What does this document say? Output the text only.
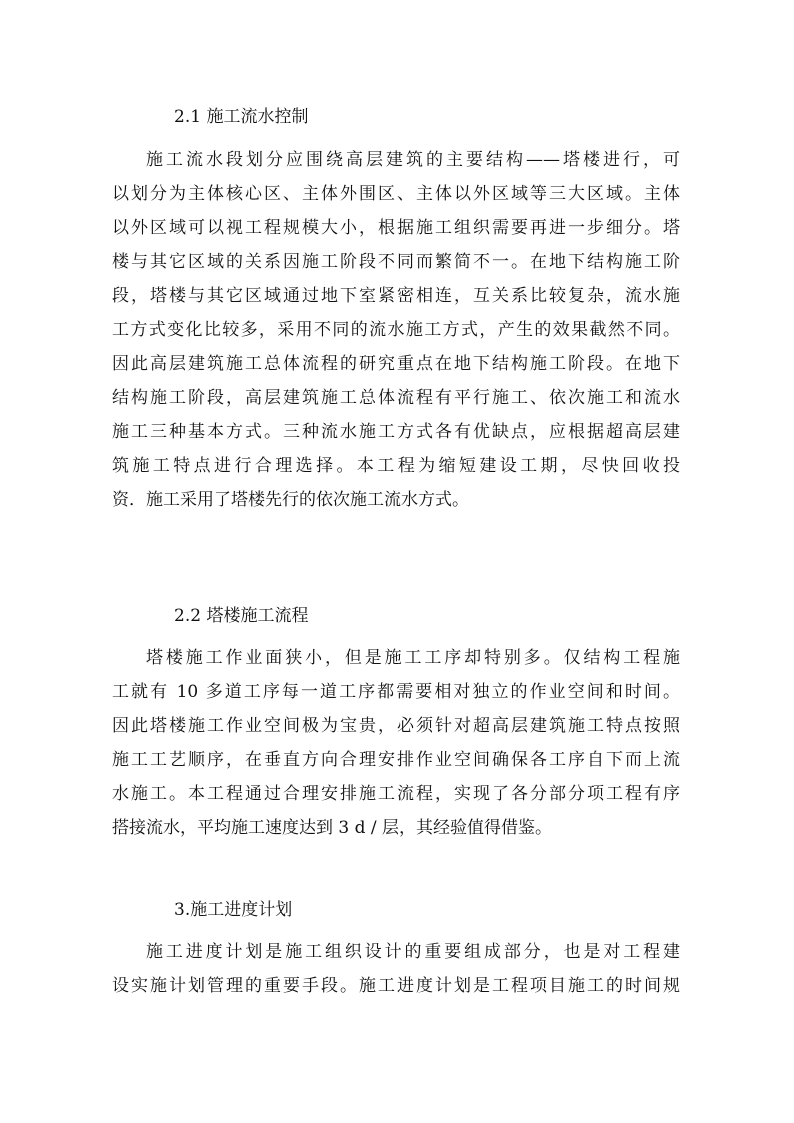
2.1 施工流水控制
施工流水段划分应围绕高层建筑的主要结构——塔楼进行，可
以划分为主体核心区、主体外围区、主体以外区域等三大区域。主体
以外区域可以视工程规模大小，根据施工组织需要再进一步细分。塔
楼与其它区域的关系因施工阶段不同而繁简不一。在地下结构施工阶
段，塔楼与其它区域通过地下室紧密相连，互关系比较复杂，流水施
工方式变化比较多，采用不同的流水施工方式，产生的效果截然不同。
因此高层建筑施工总体流程的研究重点在地下结构施工阶段。在地下
结构施工阶段，高层建筑施工总体流程有平行施工、依次施工和流水
施工三种基本方式。三种流水施工方式各有优缺点，应根据超高层建
筑施工特点进行合理选择。本工程为缩短建设工期，尽快回收投
资．施工采用了塔楼先行的依次施工流水方式。
2.2 塔楼施工流程
塔楼施工作业面狭小，但是施工工序却特别多。仅结构工程施
工就有 10 多道工序每一道工序都需要相对独立的作业空间和时间。
因此塔楼施工作业空间极为宝贵，必须针对超高层建筑施工特点按照
施工工艺顺序，在垂直方向合理安排作业空间确保各工序自下而上流
水施工。本工程通过合理安排施工流程，实现了各分部分项工程有序
搭接流水，平均施工速度达到 3 d / 层，其经验值得借鉴。
3.施工进度计划
施工进度计划是施工组织设计的重要组成部分，也是对工程建
设实施计划管理的重要手段。施工进度计划是工程项目施工的时间规
